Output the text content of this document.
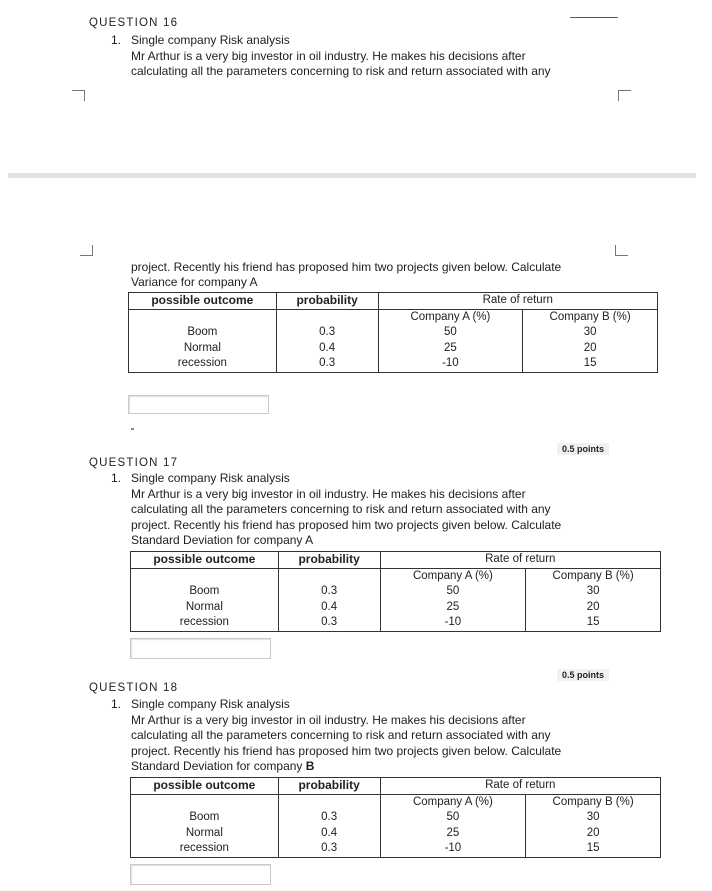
QUESTION 16
1. Single company Risk analysis
Mr Arthur is a very big investor in oil industry. He makes his decisions after
calculating all the parameters concerning to risk and return associated with any
project. Recently his friend has proposed him two projects given below. Calculate
Variance for company A
possible outcome	probability	Rate of return	
		Company A (%)	Company B (%)
Boom	0.3	50	30
Normal	0.4	25	20
recession	0.3	-10	15
0.5 points
QUESTION 17
1. Single company Risk analysis
Mr Arthur is a very big investor in oil industry. He makes his decisions after
calculating all the parameters concerning to risk and return associated with any
project. Recently his friend has proposed him two projects given below. Calculate
Standard Deviation for company A
possible outcome	probability	Rate of return	
		Company A (%)	Company B (%)
Boom	0.3	50	30
Normal	0.4	25	20
recession	0.3	-10	15
0.5 points
QUESTION 18
1. Single company Risk analysis
Mr Arthur is a very big investor in oil industry. He makes his decisions after
calculating all the parameters concerning to risk and return associated with any
project. Recently his friend has proposed him two projects given below. Calculate
Standard Deviation for company B
possible outcome	probability	Rate of return	
		Company A (%)	Company B (%)
Boom	0.3	50	30
Normal	0.4	25	20
recession	0.3	-10	15
